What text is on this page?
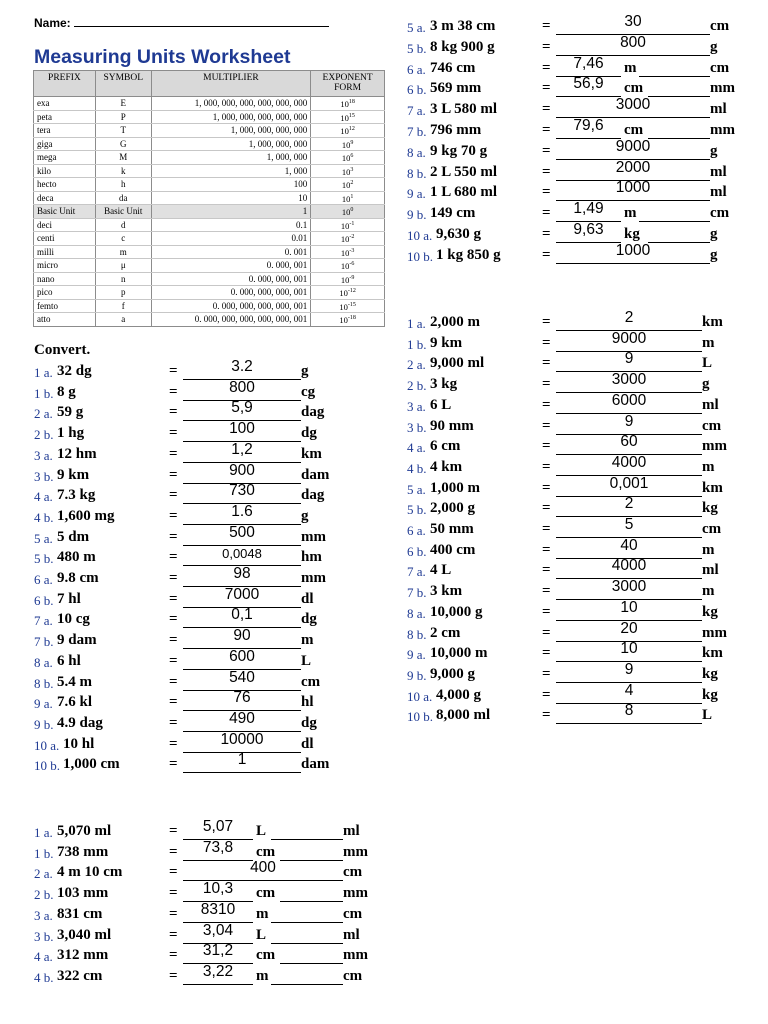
Name:
Measuring Units Worksheet
PREFIX	SYMBOL	MULTIPLIER	EXPONENT FORM
exa	E	1, 000, 000, 000, 000, 000, 000	$10^{18}$
peta	P	1, 000, 000, 000, 000, 000	$10^{15}$
tera	T	1, 000, 000, 000, 000	$10^{12}$
giga	G	1, 000, 000, 000	$10^9$
mega	M	1, 000, 000	$10^6$
kilo	k	1, 000	$10^3$
hecto	h	100	$10^2$
deca	da	10	$10^1$
Basic Unit	Basic Unit	1	$10^0$
deci	d	0.1	$10^{-1}$
centi	c	0.01	$10^{-2}$
milli	m	0. 001	$10^{-3}$
micro	μ	0. 000, 001	$10^{-6}$
nano	n	0. 000, 000, 001	$10^{-9}$
pico	p	0. 000, 000, 000, 001	$10^{-12}$
femto	f	0. 000, 000, 000, 000, 001	$10^{-15}$
atto	a	0. 000, 000, 000, 000, 000, 001	$10^{-18}$
Convert.
1 a. 32 dg	=	3.2	g
1 b. 8 g	=	800	cg
2 a. 59 g	=	5,9	dag
2 b. 1 hg	=	100	dg
3 a. 12 hm	=	1,2	km
3 b. 9 km	=	900	dam
4 a. 7.3 kg	=	730	dag
4 b. 1,600 mg	=	1.6	g
5 a. 5 dm	=	500	mm
5 b. 480 m	=	0,0048	hm
6 a. 9.8 cm	=	98	mm
6 b. 7 hl	=	7000	dl
7 a. 10 cg	=	0,1	dg
7 b. 9 dam	=	90	m
8 a. 6 hl	=	600	L
8 b. 5.4 m	=	540	cm
9 a. 7.6 kl	=	76	hl
9 b. 4.9 dag	=	490	dg
10 a. 10 hl	=	10000	dl
10 b. 1,000 cm	=	1	dam
1 a. 5,070 ml	=	5,07	L	ml
1 b. 738 mm	=	73,8	cm	mm
2 a. 4 m 10 cm	=	400	cm
2 b. 103 mm	=	10,3	cm	mm
3 a. 831 cm	=	8310	m	cm
3 b. 3,040 ml	=	3,04	L	ml
4 a. 312 mm	=	31,2	cm	mm
4 b. 322 cm	=	3,22	m	cm
5 a. 3 m 38 cm	=	30	cm
5 b. 8 kg 900 g	=	800	g
6 a. 746 cm	=	7,46	m	cm
6 b. 569 mm	=	56,9	cm	mm
7 a. 3 L 580 ml	=	3000	ml
7 b. 796 mm	=	79,6	cm	mm
8 a. 9 kg 70 g	=	9000	g
8 b. 2 L 550 ml	=	2000	ml
9 a. 1 L 680 ml	=	1000	ml
9 b. 149 cm	=	1,49	m	cm
10 a. 9,630 g	=	9,63	kg	g
10 b. 1 kg 850 g	=	1000	g
1 a. 2,000 m	=	2	km
1 b. 9 km	=	9000	m
2 a. 9,000 ml	=	9	L
2 b. 3 kg	=	3000	g
3 a. 6 L	=	6000	ml
3 b. 90 mm	=	9	cm
4 a. 6 cm	=	60	mm
4 b. 4 km	=	4000	m
5 a. 1,000 m	=	0,001	km
5 b. 2,000 g	=	2	kg
6 a. 50 mm	=	5	cm
6 b. 400 cm	=	40	m
7 a. 4 L	=	4000	ml
7 b. 3 km	=	3000	m
8 a. 10,000 g	=	10	kg
8 b. 2 cm	=	20	mm
9 a. 10,000 m	=	10	km
9 b. 9,000 g	=	9	kg
10 a. 4,000 g	=	4	kg
10 b. 8,000 ml	=	8	L
